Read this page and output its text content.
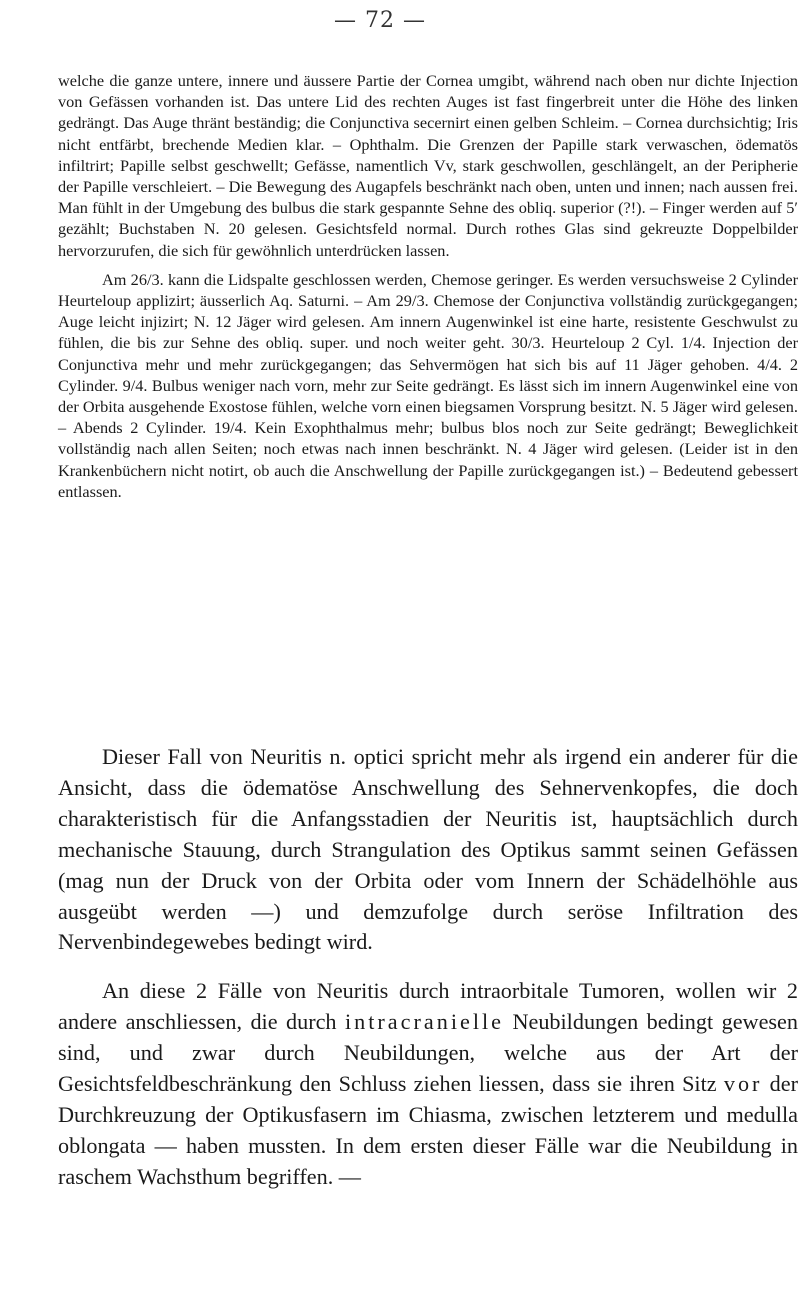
— 72 —

welche die ganze untere, innere und äussere Partie der Cornea umgibt, während nach oben nur dichte Injection von Gefässen vorhanden ist. Das untere Lid des rechten Auges ist fast fingerbreit unter die Höhe des linken gedrängt. Das Auge thränt beständig; die Conjunctiva secernirt einen gelben Schleim. – Cornea durchsichtig; Iris nicht entfärbt, brechende Medien klar. – Ophthalm. Die Grenzen der Papille stark verwaschen, ödematös infiltrirt; Papille selbst geschwellt; Gefässe, namentlich Vv, stark geschwollen, geschlängelt, an der Peripherie der Papille verschleiert. – Die Bewegung des Augapfels beschränkt nach oben, unten und innen; nach aussen frei. Man fühlt in der Umgebung des bulbus die stark gespannte Sehne des obliq. superior (?!). – Finger werden auf 5′ gezählt; Buchstaben N. 20 gelesen. Gesichtsfeld normal. Durch rothes Glas sind gekreuzte Doppelbilder hervorzurufen, die sich für gewöhnlich unterdrücken lassen.

Am 26/3. kann die Lidspalte geschlossen werden, Chemose geringer. Es werden versuchsweise 2 Cylinder Heurteloup applizirt; äusserlich Aq. Saturni. – Am 29/3. Chemose der Conjunctiva vollständig zurückgegangen; Auge leicht injizirt; N. 12 Jäger wird gelesen. Am innern Augenwinkel ist eine harte, resistente Geschwulst zu fühlen, die bis zur Sehne des obliq. super. und noch weiter geht. 30/3. Heurteloup 2 Cyl. 1/4. Injection der Conjunctiva mehr und mehr zurückgegangen; das Sehvermögen hat sich bis auf 11 Jäger gehoben. 4/4. 2 Cylinder. 9/4. Bulbus weniger nach vorn, mehr zur Seite gedrängt. Es lässt sich im innern Augenwinkel eine von der Orbita ausgehende Exostose fühlen, welche vorn einen biegsamen Vorsprung besitzt. N. 5 Jäger wird gelesen. – Abends 2 Cylinder. 19/4. Kein Exophthalmus mehr; bulbus blos noch zur Seite gedrängt; Beweglichkeit vollständig nach allen Seiten; noch etwas nach innen beschränkt. N. 4 Jäger wird gelesen. (Leider ist in den Krankenbüchern nicht notirt, ob auch die Anschwellung der Papille zurückgegangen ist.) – Bedeutend gebessert entlassen.

Dieser Fall von Neuritis n. optici spricht mehr als irgend ein anderer für die Ansicht, dass die ödematöse Anschwellung des Sehnervenkopfes, die doch charakteristisch für die Anfangsstadien der Neuritis ist, hauptsächlich durch mechanische Stauung, durch Strangulation des Optikus sammt seinen Gefässen (mag nun der Druck von der Orbita oder vom Innern der Schädelhöhle aus ausgeübt werden —) und demzufolge durch seröse Infiltration des Nervenbindegewebes bedingt wird.

An diese 2 Fälle von Neuritis durch intraorbitale Tumoren, wollen wir 2 andere anschliessen, die durch intracranielle Neubildungen bedingt gewesen sind, und zwar durch Neubildungen, welche aus der Art der Gesichtsfeldbeschränkung den Schluss ziehen liessen, dass sie ihren Sitz vor der Durchkreuzung der Optikusfasern im Chiasma, zwischen letzterem und medulla oblongata — haben mussten. In dem ersten dieser Fälle war die Neubildung in raschem Wachsthum begriffen. —
